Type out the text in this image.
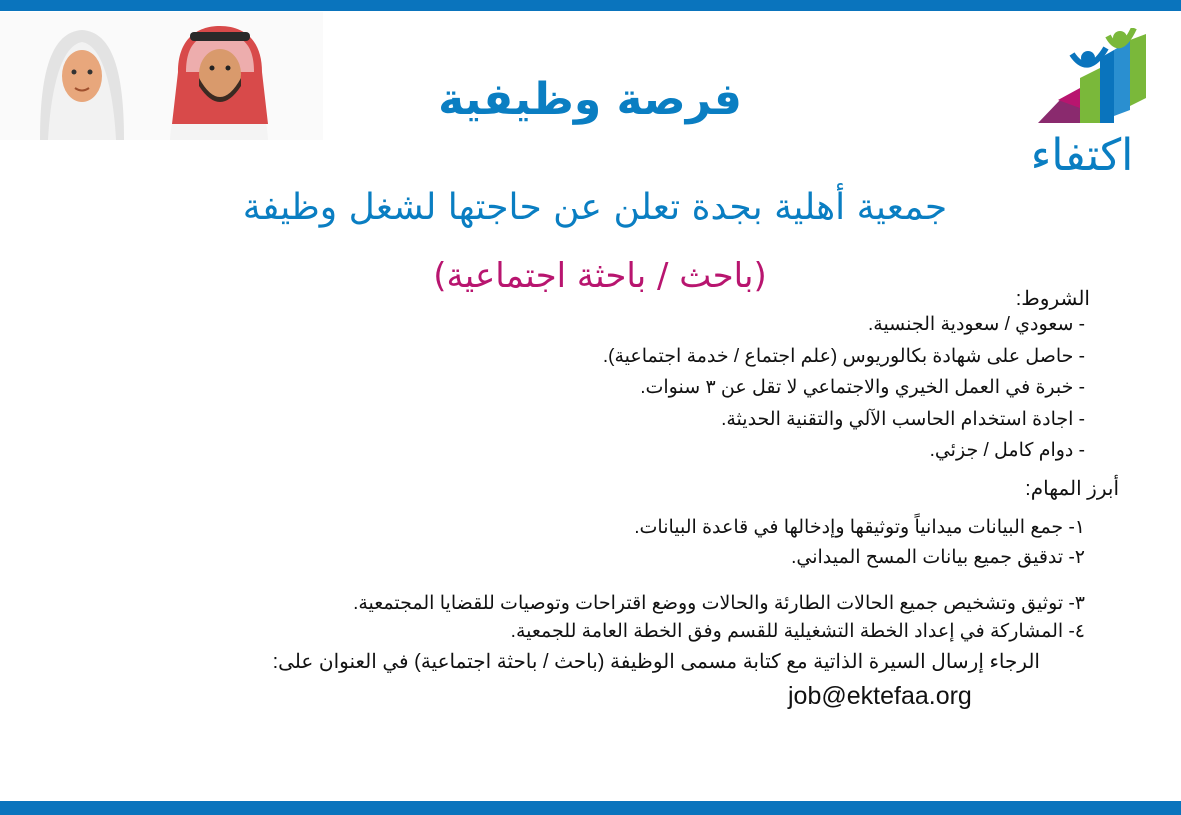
فرصة وظيفية
اكتفاء
جمعية أهلية بجدة تعلن عن حاجتها لشغل وظيفة
(باحث / باحثة اجتماعية)
الشروط:
- سعودي / سعودية الجنسية.
- حاصل على شهادة بكالوريوس (علم اجتماع / خدمة اجتماعية).
- خبرة في العمل الخيري والاجتماعي لا تقل عن ٣ سنوات.
- اجادة استخدام الحاسب الآلي والتقنية الحديثة.
- دوام كامل / جزئي.
أبرز المهام:
١- جمع البيانات ميدانياً وتوثيقها وإدخالها في قاعدة البيانات.
٢- تدقيق جميع بيانات المسح الميداني.
٣- توثيق وتشخيص جميع الحالات الطارئة والحالات ووضع اقتراحات وتوصيات للقضايا المجتمعية.
٤- المشاركة في إعداد الخطة التشغيلية للقسم وفق الخطة العامة للجمعية.
الرجاء إرسال السيرة الذاتية مع كتابة مسمى الوظيفة (باحث / باحثة اجتماعية) في العنوان على:
job@ektefaa.org
